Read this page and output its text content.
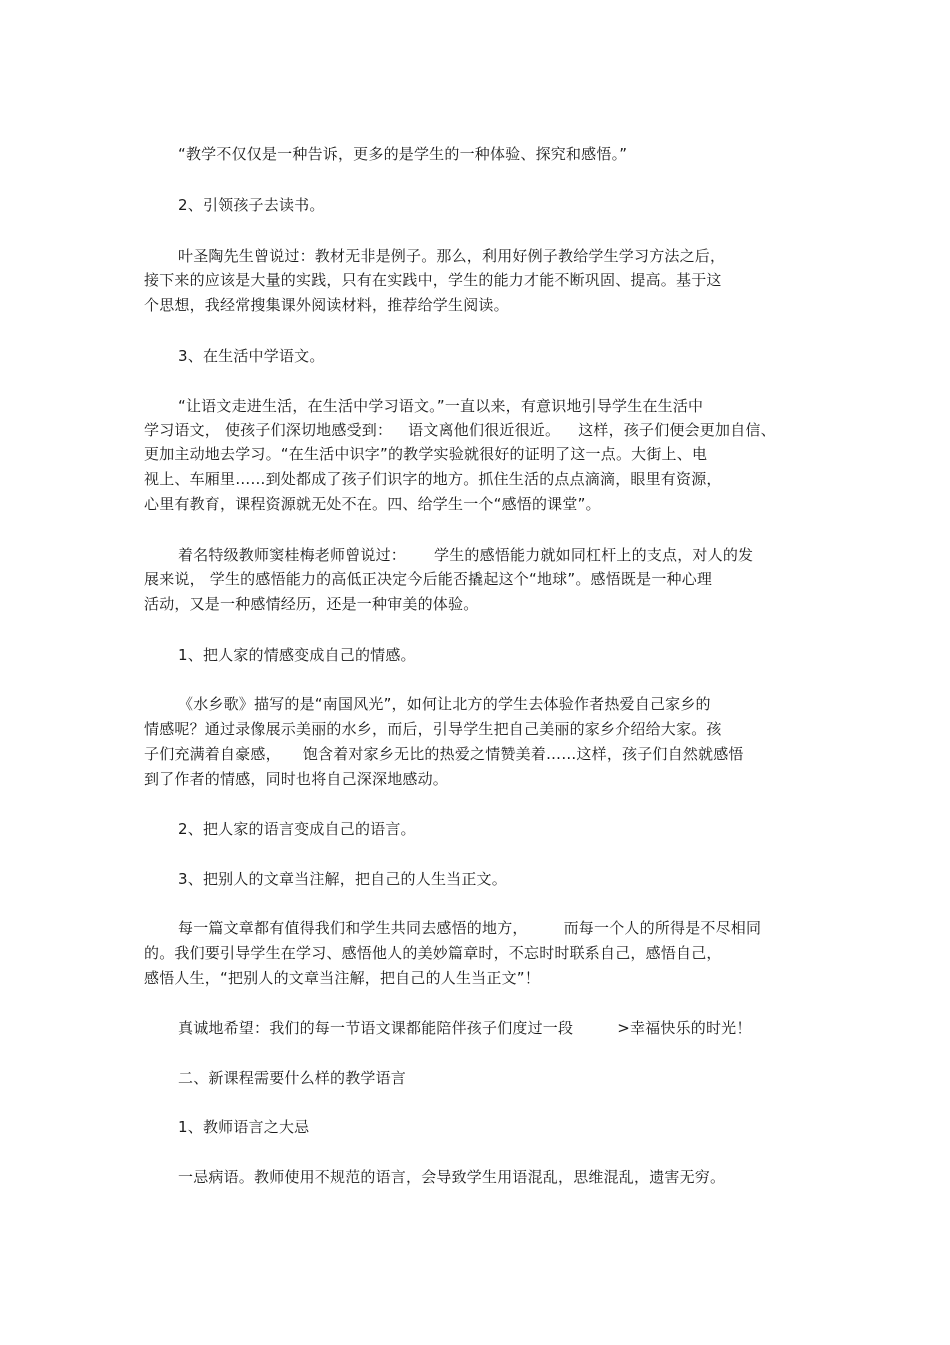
“教学不仅仅是一种告诉，更多的是学生的一种体验、探究和感悟。”
2、引领孩子去读书。
叶圣陶先生曾说过：教材无非是例子。那么，利用好例子教给学生学习方法之后，
接下来的应该是大量的实践，只有在实践中，学生的能力才能不断巩固、提高。基于这
个思想，我经常搜集课外阅读材料，推荐给学生阅读。
3、在生活中学语文。
“让语文走进生活，在生活中学习语文。”一直以来，有意识地引导学生在生活中
学习语文， 使孩子们深切地感受到： 语文离他们很近很近。 这样，孩子们便会更加自信、
更加主动地去学习。“在生活中识字”的教学实验就很好的证明了这一点。大街上、电
视上、车厢里……到处都成了孩子们识字的地方。抓住生活的点点滴滴，眼里有资源，
心里有教育，课程资源就无处不在。四、给学生一个“感悟的课堂”。
着名特级教师窦桂梅老师曾说过： 学生的感悟能力就如同杠杆上的支点，对人的发
展来说， 学生的感悟能力的高低正决定今后能否撬起这个“地球”。感悟既是一种心理
活动，又是一种感情经历，还是一种审美的体验。
1、把人家的情感变成自己的情感。
《水乡歌》描写的是“南国风光”，如何让北方的学生去体验作者热爱自己家乡的
情感呢？通过录像展示美丽的水乡，而后，引导学生把自己美丽的家乡介绍给大家。孩
子们充满着自豪感， 饱含着对家乡无比的热爱之情赞美着……这样，孩子们自然就感悟
到了作者的情感，同时也将自己深深地感动。
2、把人家的语言变成自己的语言。
3、把别人的文章当注解，把自己的人生当正文。
每一篇文章都有值得我们和学生共同去感悟的地方， 而每一个人的所得是不尽相同
的。我们要引导学生在学习、感悟他人的美妙篇章时，不忘时时联系自己，感悟自己，
感悟人生，“把别人的文章当注解，把自己的人生当正文”！
真诚地希望：我们的每一节语文课都能陪伴孩子们度过一段	>幸福快乐的时光！
二、新课程需要什么样的教学语言
1、教师语言之大忌
一忌病语。教师使用不规范的语言，会导致学生用语混乱，思维混乱，遗害无穷。
